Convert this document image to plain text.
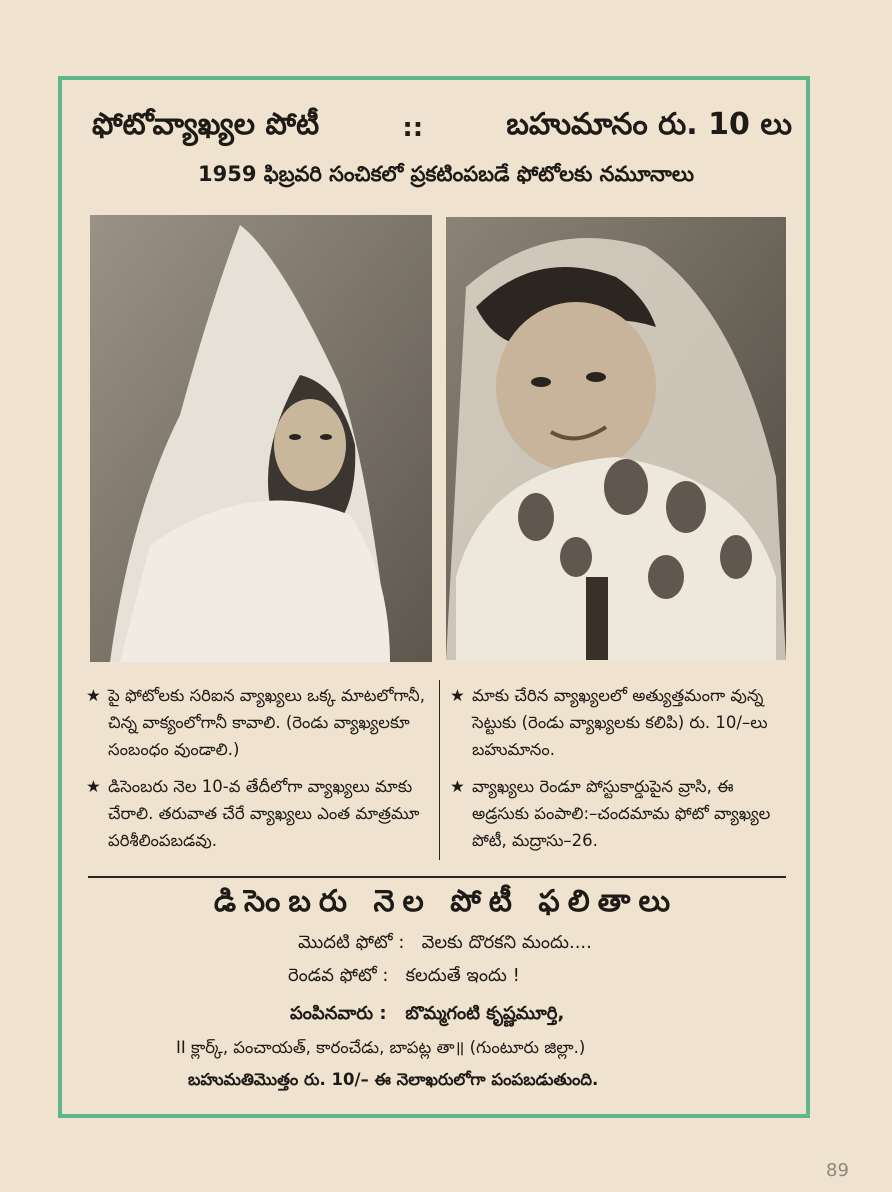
ఫోటోవ్యాఖ్యల పోటీ	::	బహుమానం రు. 10 లు
1959 ఫిబ్రవరి సంచికలో ప్రకటింపబడే ఫోటోలకు నమూనాలు

★ పై ఫోటోలకు సరిఐన వ్యాఖ్యలు ఒక్క మాటలోగానీ, చిన్న వాక్యంలోగానీ కావాలి. (రెండు వ్యాఖ్యలకూ సంబంధం వుండాలి.)

★ డిసెంబరు నెల 10-వ తేదీలోగా వ్యాఖ్యలు మాకు చేరాలి. తరువాత చేరే వ్యాఖ్యలు ఎంత మాత్రమూ పరిశీలింపబడవు.

★ మాకు చేరిన వ్యాఖ్యలలో అత్యుత్తమంగా వున్న సెట్టుకు (రెండు వ్యాఖ్యలకు కలిపి) రు. 10/–లు బహుమానం.

★ వ్యాఖ్యలు రెండూ పోస్టుకార్డుపైన వ్రాసి, ఈ అడ్రసుకు పంపాలి:–చందమామ ఫోటో వ్యాఖ్యల పోటీ, మద్రాసు–26.

డిసెంబరు నెల పోటీ ఫలితాలు
మొదటి ఫోటో : వెలకు దొరకని మందు....
రెండవ ఫోటో : కలదుతే ఇందు !
పంపినవారు : బొమ్మగంటి కృష్ణమూర్తి,
II క్లార్క్, పంచాయత్, కారంచేడు, బాపట్ల తా॥ (గుంటూరు జిల్లా.)
బహుమతిమొత్తం రు. 10/– ఈ నెలాఖరులోగా పంపబడుతుంది.
89
